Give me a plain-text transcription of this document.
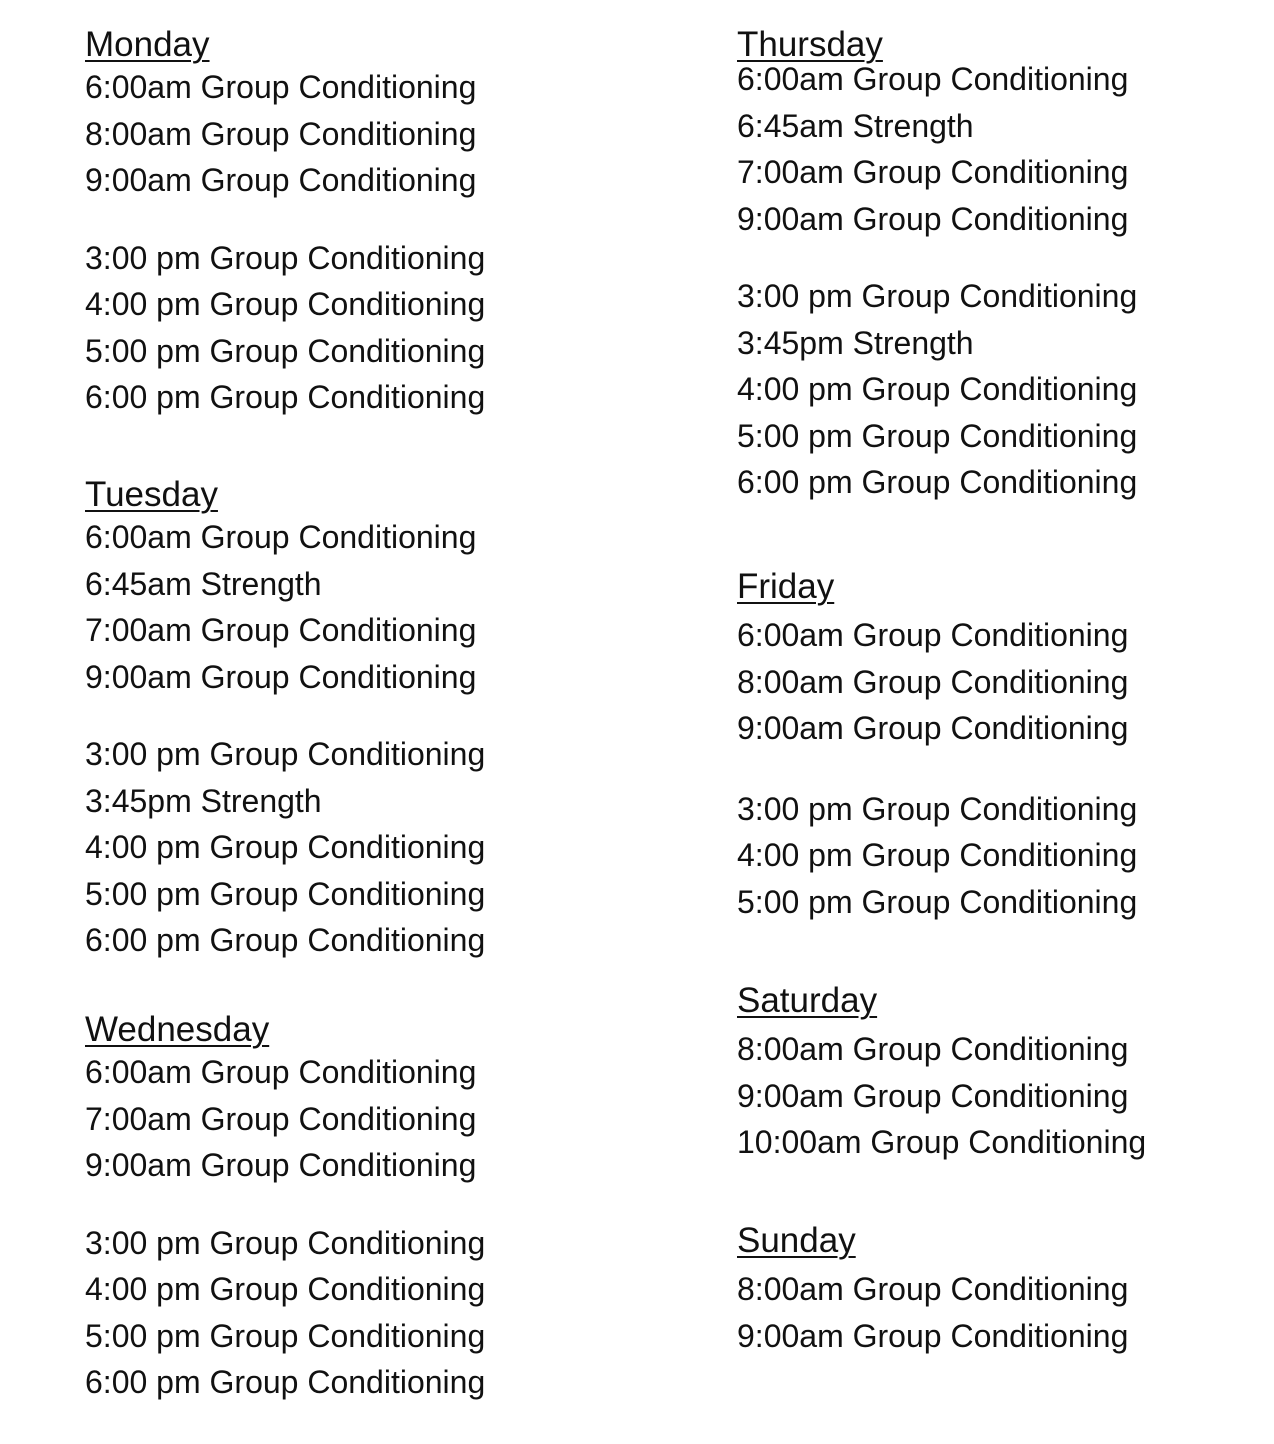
Monday
6:00am Group Conditioning
8:00am Group Conditioning
9:00am Group Conditioning
3:00 pm Group Conditioning
4:00 pm Group Conditioning
5:00 pm Group Conditioning
6:00 pm Group Conditioning
Tuesday
6:00am Group Conditioning
6:45am Strength
7:00am Group Conditioning
9:00am Group Conditioning
3:00 pm Group Conditioning
3:45pm Strength
4:00 pm Group Conditioning
5:00 pm Group Conditioning
6:00 pm Group Conditioning
Wednesday
6:00am Group Conditioning
7:00am Group Conditioning
9:00am Group Conditioning
3:00 pm Group Conditioning
4:00 pm Group Conditioning
5:00 pm Group Conditioning
6:00 pm Group Conditioning
Thursday
6:00am Group Conditioning
6:45am Strength
7:00am Group Conditioning
9:00am Group Conditioning
3:00 pm Group Conditioning
3:45pm Strength
4:00 pm Group Conditioning
5:00 pm Group Conditioning
6:00 pm Group Conditioning
Friday
6:00am Group Conditioning
8:00am Group Conditioning
9:00am Group Conditioning
3:00 pm Group Conditioning
4:00 pm Group Conditioning
5:00 pm Group Conditioning
Saturday
8:00am Group Conditioning
9:00am Group Conditioning
10:00am Group Conditioning
Sunday
8:00am Group Conditioning
9:00am Group Conditioning
